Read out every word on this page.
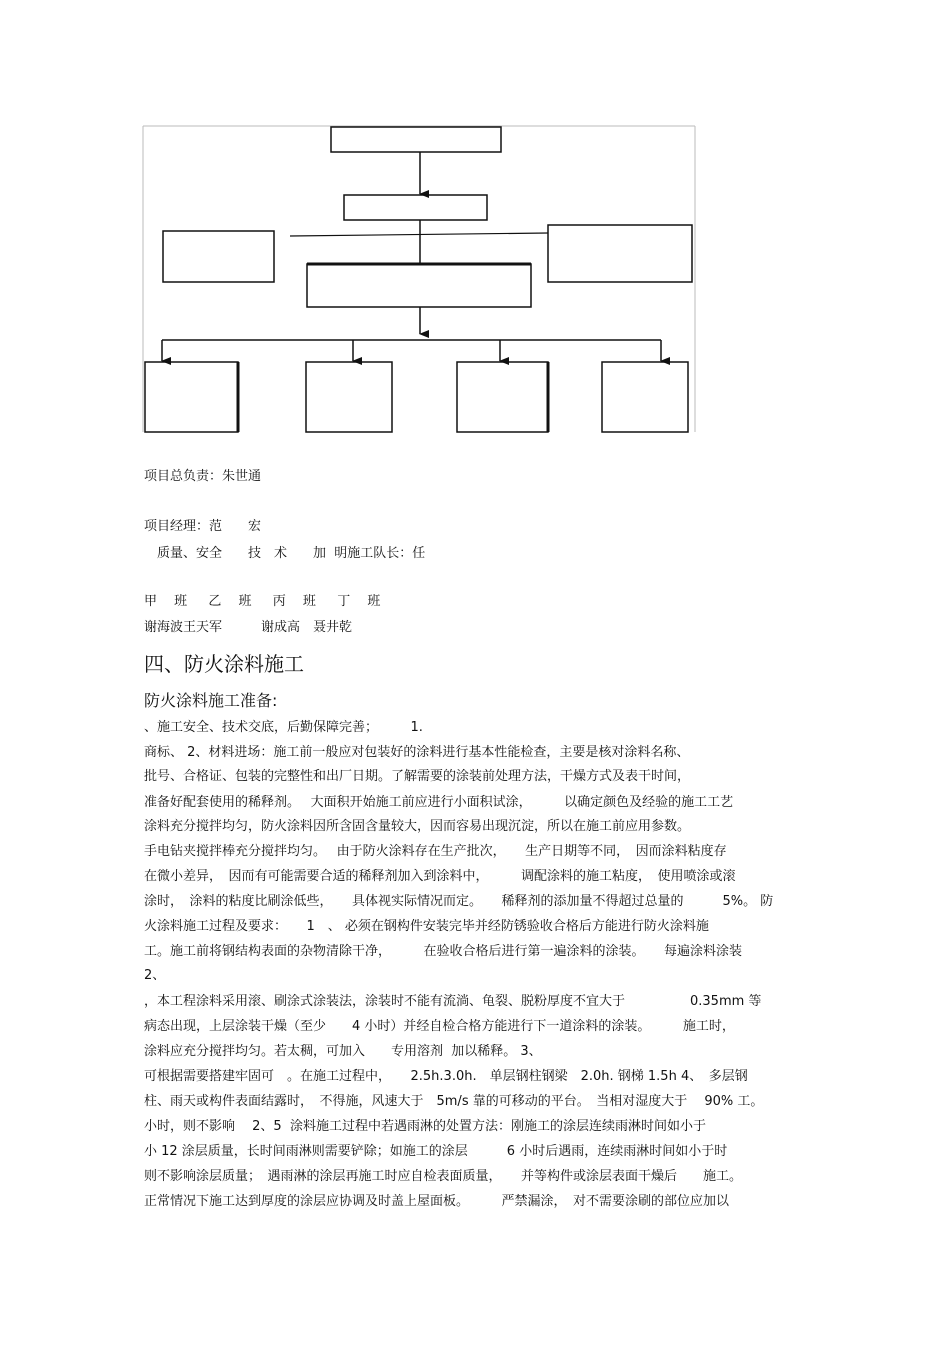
项目总负责：朱世通
项目经理：范　　宏
　质量、安全　　技　术　　加  明施工队长：任
甲　 班　  乙　 班　  丙　 班　  丁　 班
谢海波王天军　　　谢成高　聂井乾
四、防火涂料施工
防火涂料施工准备:
、施工安全、技术交底，后勤保障完善；　　　1.
商标、 2、材料进场：施工前一般应对包装好的涂料进行基本性能检查，主要是核对涂料名称、
批号、合格证、包装的完整性和出厂日期。了解需要的涂装前处理方法，干燥方式及表干时间，
准备好配套使用的稀释剂。　 大面积开始施工前应进行小面积试涂，　　　以确定颜色及经验的施工工艺
涂料充分搅拌均匀，防火涂料因所含固含量较大，因而容易出现沉淀，所以在施工前应用参数。
手电钻夹搅拌棒充分搅拌均匀。　 由于防火涂料存在生产批次，　　生产日期等不同，　因而涂料粘度存
在微小差异，　因而有可能需要合适的稀释剂加入到涂料中，　　　调配涂料的施工粘度，　使用喷涂或滚
涂时，　涂料的粘度比刷涂低些，　　具体视实际情况而定。　　稀释剂的添加量不得超过总量的　　　5%。 防
火涂料施工过程及要求：　　1　、 必须在钢构件安装完毕并经防锈验收合格后方能进行防火涂料施
工。施工前将钢结构表面的杂物清除干净，　　　在验收合格后进行第一遍涂料的涂装。　　每遍涂料涂装
2、
，本工程涂料采用滚、刷涂式涂装法，涂装时不能有流淌、龟裂、脱粉厚度不宜大于　　　　　0.35mm 等
病态出现，上层涂装干燥（至少　　4 小时）并经自检合格方能进行下一道涂料的涂装。　　　施工时，
涂料应充分搅拌均匀。若太稠，可加入　　专用溶剂  加以稀释。 3、
可根据需要搭建牢固可　。在施工过程中，　　2.5h.3.0h.　单层钢柱钢梁　2.0h. 钢梯 1.5h 4、　多层钢
柱、雨天或构件表面结露时，　不得施，风速大于　5m/s 靠的可移动的平台。　当相对湿度大于　 90% 工。
小时，则不影响　 2、5  涂料施工过程中若遇雨淋的处置方法：刚施工的涂层连续雨淋时间如小于
小 12 涂层质量，长时间雨淋则需要铲除；如施工的涂层　　　6 小时后遇雨，连续雨淋时间如小于时
则不影响涂层质量；　遇雨淋的涂层再施工时应自检表面质量，　　并等构件或涂层表面干燥后　　施工。
正常情况下施工达到厚度的涂层应协调及时盖上屋面板。　　　严禁漏涂，　对不需要涂刷的部位应加以
